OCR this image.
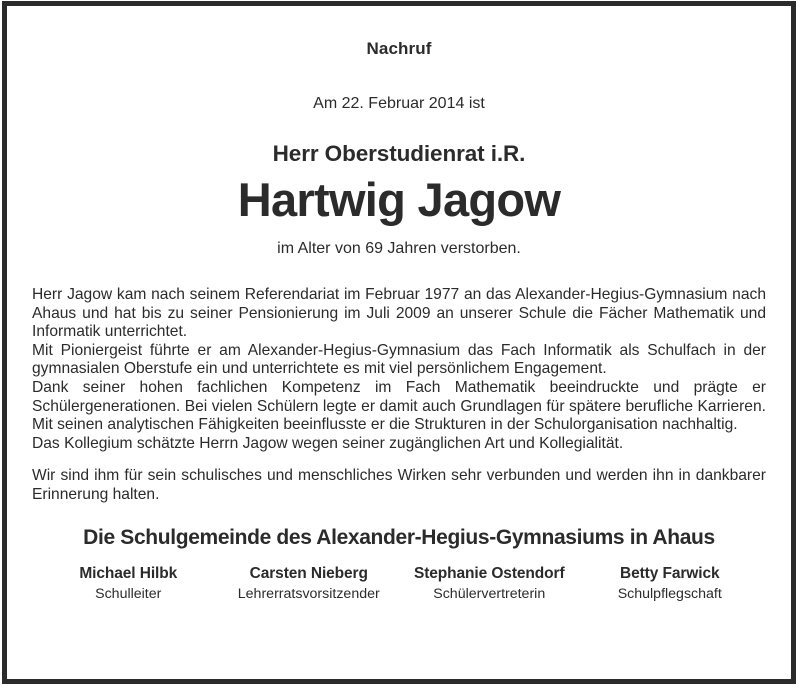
Nachruf
Am 22. Februar 2014 ist
Herr Oberstudienrat i.R.
Hartwig Jagow
im Alter von 69 Jahren verstorben.

Herr Jagow kam nach seinem Referendariat im Februar 1977 an das Alexander-Hegius-Gymnasium nach Ahaus und hat bis zu seiner Pensionierung im Juli 2009 an unserer Schule die Fächer Mathematik und Informatik unterrichtet.

Mit Pioniergeist führte er am Alexander-Hegius-Gymnasium das Fach Informatik als Schulfach in der gymnasialen Oberstufe ein und unterrichtete es mit viel persönlichem Engagement.

Dank seiner hohen fachlichen Kompetenz im Fach Mathematik beeindruckte und prägte er Schülergenerationen. Bei vielen Schülern legte er damit auch Grundlagen für spätere berufliche Karrieren. Mit seinen analytischen Fähigkeiten beeinflusste er die Strukturen in der Schulorganisation nachhaltig.

Das Kollegium schätzte Herrn Jagow wegen seiner zugänglichen Art und Kollegialität.

Wir sind ihm für sein schulisches und menschliches Wirken sehr verbunden und werden ihn in dankbarer Erinnerung halten.

Die Schulgemeinde des Alexander-Hegius-Gymnasiums in Ahaus
Michael Hilbk
Schulleiter
Carsten Nieberg
Lehrerratsvorsitzender
Stephanie Ostendorf
Schülervertreterin
Betty Farwick
Schulpflegschaft
